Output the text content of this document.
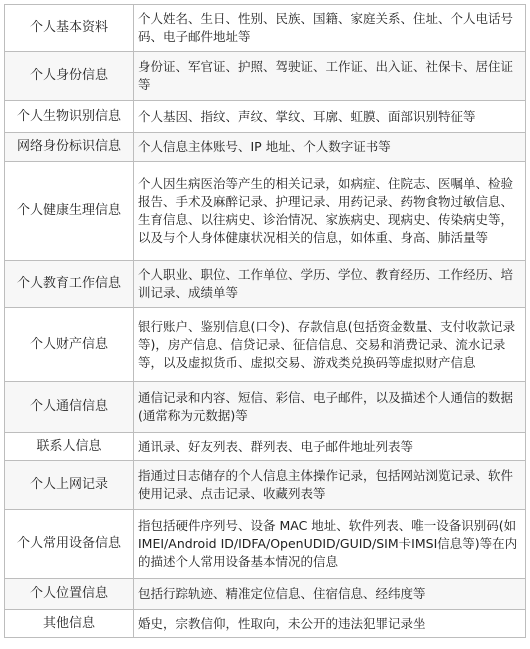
个人基本资料	个人姓名、生日、性别、民族、国籍、家庭关系、住址、个人电话号码、电子邮件地址等
个人身份信息	身份证、军官证、护照、驾驶证、工作证、出入证、社保卡、居住证等
个人生物识别信息	个人基因、指纹、声纹、掌纹、耳廓、虹膜、面部识别特征等
网络身份标识信息	个人信息主体账号、IP 地址、个人数字证书等
个人健康生理信息	个人因生病医治等产生的相关记录，如病症、住院志、医嘱单、检验报告、手术及麻醉记录、护理记录、用药记录、药物食物过敏信息、生育信息、以往病史、诊治情况、家族病史、现病史、传染病史等，以及与个人身体健康状况相关的信息，如体重、身高、肺活量等
个人教育工作信息	个人职业、职位、工作单位、学历、学位、教育经历、工作经历、培训记录、成绩单等
个人财产信息	银行账户、鉴别信息(口令)、存款信息(包括资金数量、支付收款记录等)，房产信息、信贷记录、征信信息、交易和消费记录、流水记录等，以及虚拟货币、虚拟交易、游戏类兑换码等虚拟财产信息
个人通信信息	通信记录和内容、短信、彩信、电子邮件，以及描述个人通信的数据(通常称为元数据)等
联系人信息	通讯录、好友列表、群列表、电子邮件地址列表等
个人上网记录	指通过日志储存的个人信息主体操作记录，包括网站浏览记录、软件使用记录、点击记录、收藏列表等
个人常用设备信息	指包括硬件序列号、设备 MAC 地址、软件列表、唯一设备识别码(如 IMEI/Android ID/IDFA/OpenUDID/GUID/SIM卡IMSI信息等)等在内的描述个人常用设备基本情况的信息
个人位置信息	包括行踪轨迹、精准定位信息、住宿信息、经纬度等
其他信息	婚史，宗教信仰，性取向，未公开的违法犯罪记录坐
